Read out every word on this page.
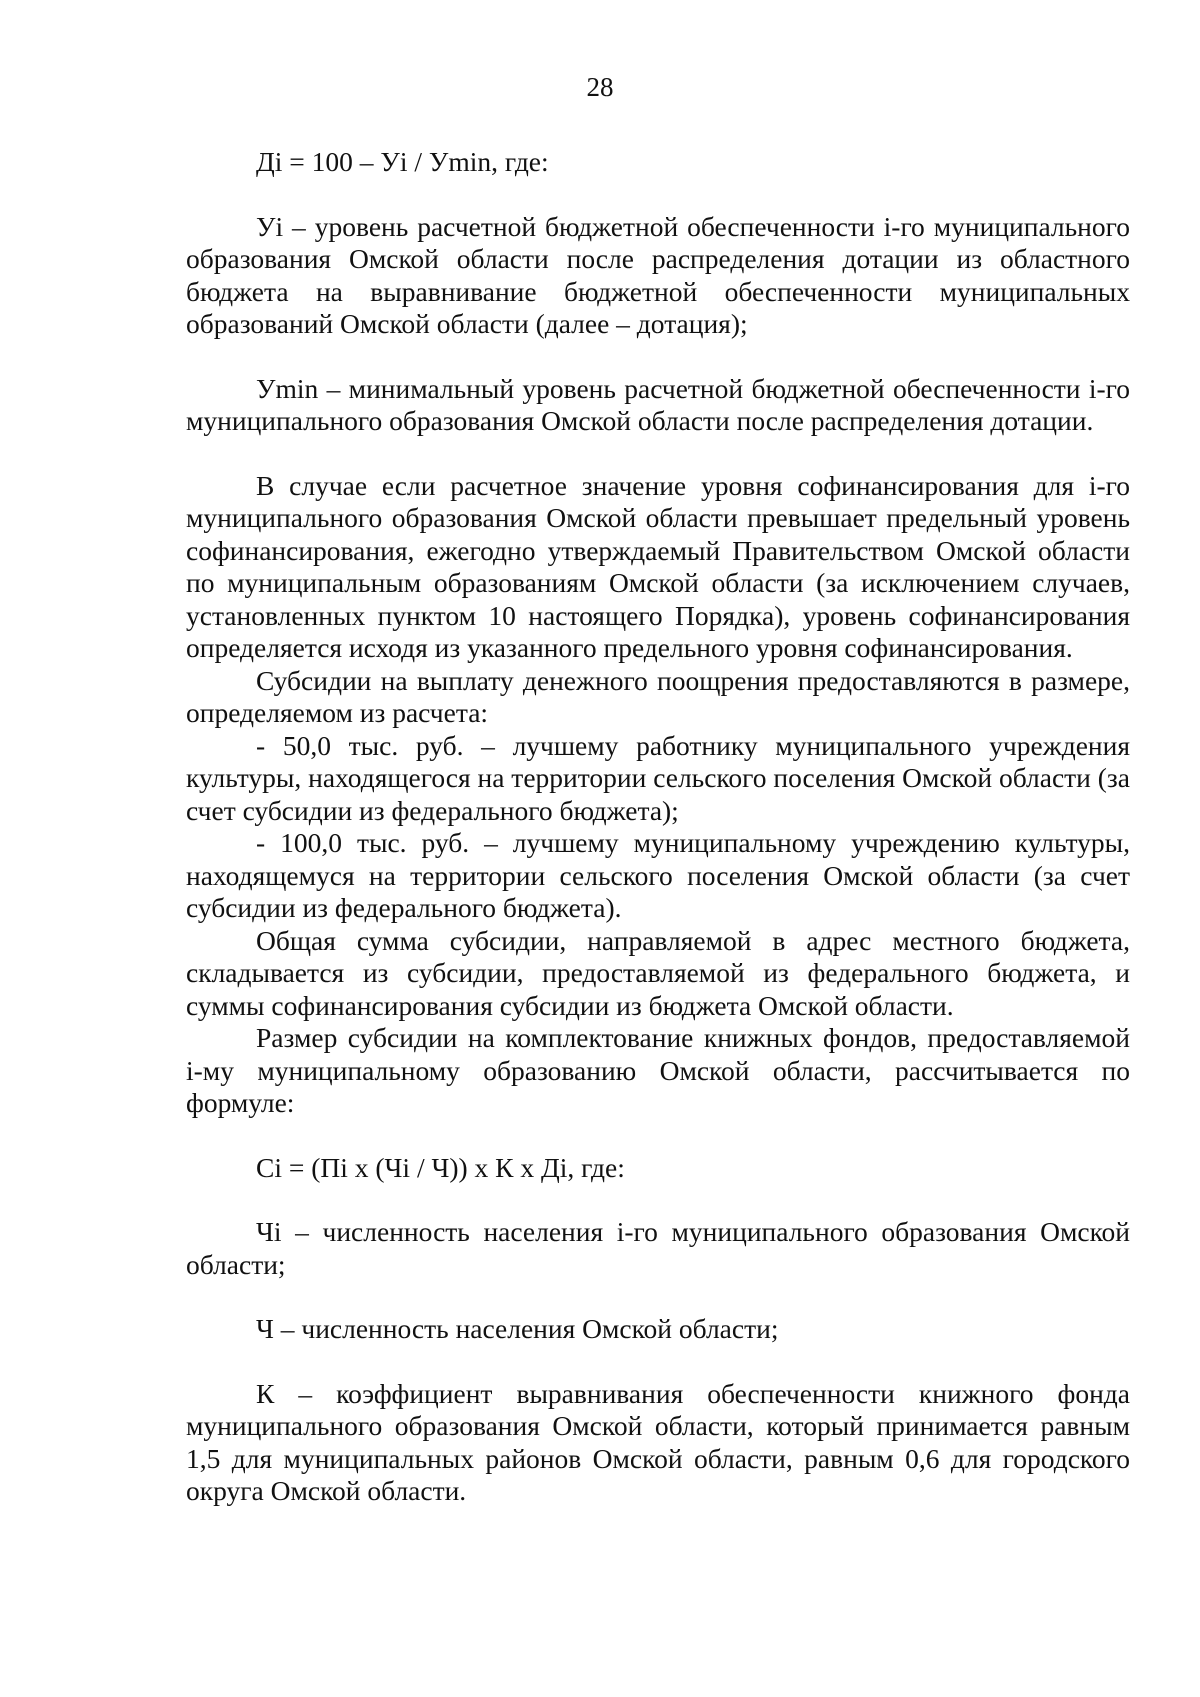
28

Дi = 100 – Уi / Уmin, где:

Уi – уровень расчетной бюджетной обеспеченности i-го муниципального образования Омской области после распределения дотации из областного бюджета на выравнивание бюджетной обеспеченности муниципальных образований Омской области (далее – дотация);

Уmin – минимальный уровень расчетной бюджетной обеспеченности i-го муниципального образования Омской области после распределения дотации.

В случае если расчетное значение уровня софинансирования для i-го муниципального образования Омской области превышает предельный уровень софинансирования, ежегодно утверждаемый Правительством Омской области по муниципальным образованиям Омской области (за исключением случаев, установленных пунктом 10 настоящего Порядка), уровень софинансирования определяется исходя из указанного предельного уровня софинансирования.

Субсидии на выплату денежного поощрения предоставляются в размере, определяемом из расчета:

- 50,0 тыс. руб. – лучшему работнику муниципального учреждения культуры, находящегося на территории сельского поселения Омской области (за счет субсидии из федерального бюджета);

- 100,0 тыс. руб. – лучшему муниципальному учреждению культуры, находящемуся на территории сельского поселения Омской области (за счет субсидии из федерального бюджета).

Общая сумма субсидии, направляемой в адрес местного бюджета, складывается из субсидии, предоставляемой из федерального бюджета, и суммы софинансирования субсидии из бюджета Омской области.

Размер субсидии на комплектование книжных фондов, предоставляемой i-му муниципальному образованию Омской области, рассчитывается по формуле:

Сi = (Пi х (Чi / Ч)) х К х Дi, где:

Чi – численность населения i-го муниципального образования Омской области;

Ч – численность населения Омской области;

К – коэффициент выравнивания обеспеченности книжного фонда муниципального образования Омской области, который принимается равным 1,5 для муниципальных районов Омской области, равным 0,6 для городского округа Омской области.
